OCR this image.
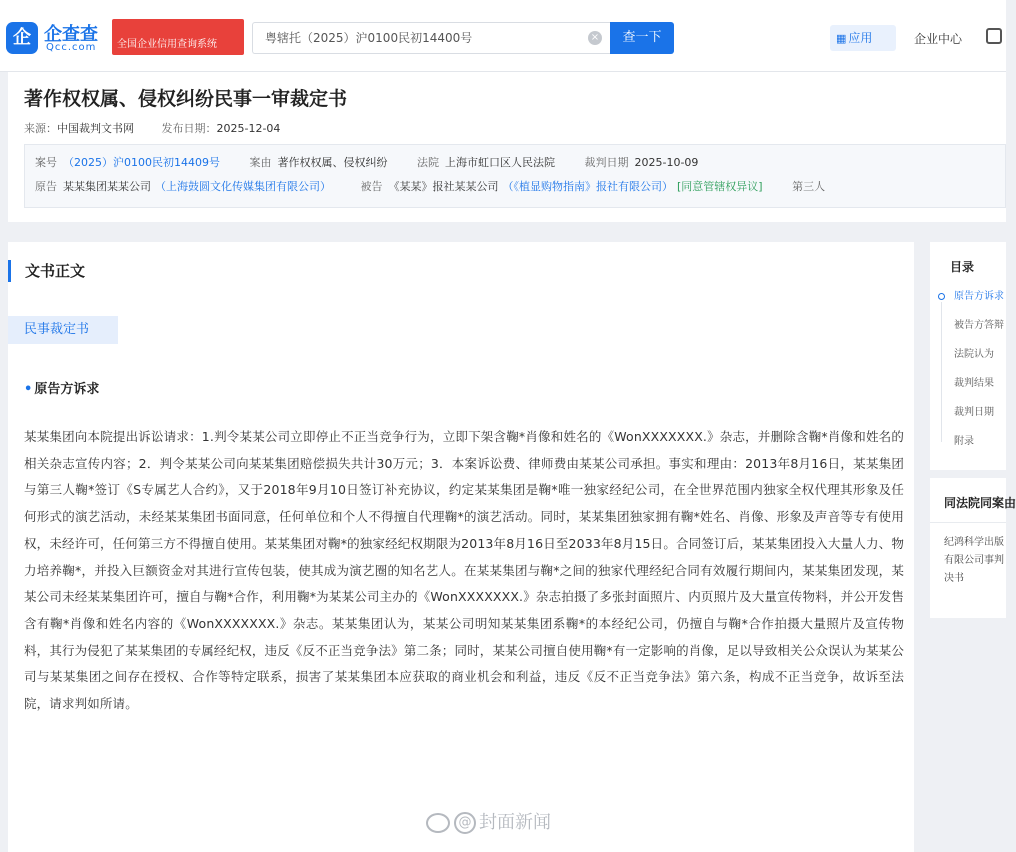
企 企查查
Qcc.com
全国企业信用查询系统	粤辖托（2025）沪0100民初14400号	×	查一下	▦ 应用	企业中心
著作权权属、侵权纠纷民事一审裁定书
来源：中国裁判文书网	发布日期：2025-12-04
案号 （2025）沪0100民初14409号	案由 著作权权属、侵权纠纷	法院 上海市虹口区人民法院	裁判日期 2025-10-09
原告 某某集团某某公司 （上海鼓圆文化传媒集团有限公司）	被告 《某某》报社某某公司 （《植显购物指南》报社有限公司） [同意管辖权异议]	第三人
文书正文
民事裁定书
• 原告方诉求
某某集团向本院提出诉讼请求：1.判令某某公司立即停止不正当竞争行为，立即下架含鞠*肖像和姓名的《WonXXXXXXX.》杂志，并删除含鞠*肖像和姓名的相关杂志宣传内容；2．判令某某公司向某某集团赔偿损失共计30万元；3．本案诉讼费、律师费由某某公司承担。事实和理由：2013年8月16日，某某集团与第三人鞠*签订《S专属艺人合约》，又于2018年9月10日签订补充协议，约定某某集团是鞠*唯一独家经纪公司，在全世界范围内独家全权代理其形象及任何形式的演艺活动，未经某某集团书面同意，任何单位和个人不得擅自代理鞠*的演艺活动。同时，某某集团独家拥有鞠*姓名、肖像、形象及声音等专有使用权，未经许可，任何第三方不得擅自使用。某某集团对鞠*的独家经纪权期限为2013年8月16日至2033年8月15日。合同签订后，某某集团投入大量人力、物力培养鞠*，并投入巨额资金对其进行宣传包装，使其成为演艺圈的知名艺人。在某某集团与鞠*之间的独家代理经纪合同有效履行期间内，某某集团发现，某某公司未经某某集团许可，擅自与鞠*合作，利用鞠*为某某公司主办的《WonXXXXXXX.》杂志拍摄了多张封面照片、内页照片及大量宣传物料，并公开发售含有鞠*肖像和姓名内容的《WonXXXXXXX.》杂志。某某集团认为，某某公司明知某某集团系鞠*的本经纪公司，仍擅自与鞠*合作拍摄大量照片及宣传物料，其行为侵犯了某某集团的专属经纪权，违反《反不正当竞争法》第二条；同时，某某公司擅自使用鞠*有一定影响的肖像，足以导致相关公众误认为某某公司与某某集团之间存在授权、合作等特定联系，损害了某某集团本应获取的商业机会和利益，违反《反不正当竞争法》第六条，构成不正当竞争，故诉至法院，请求判如所请。
目录
原告方诉求
被告方答辩
法院认为
裁判结果
裁判日期
附录
同法院同案由
纪鸿科学出版有限公司事判决书
@ 封面新闻
